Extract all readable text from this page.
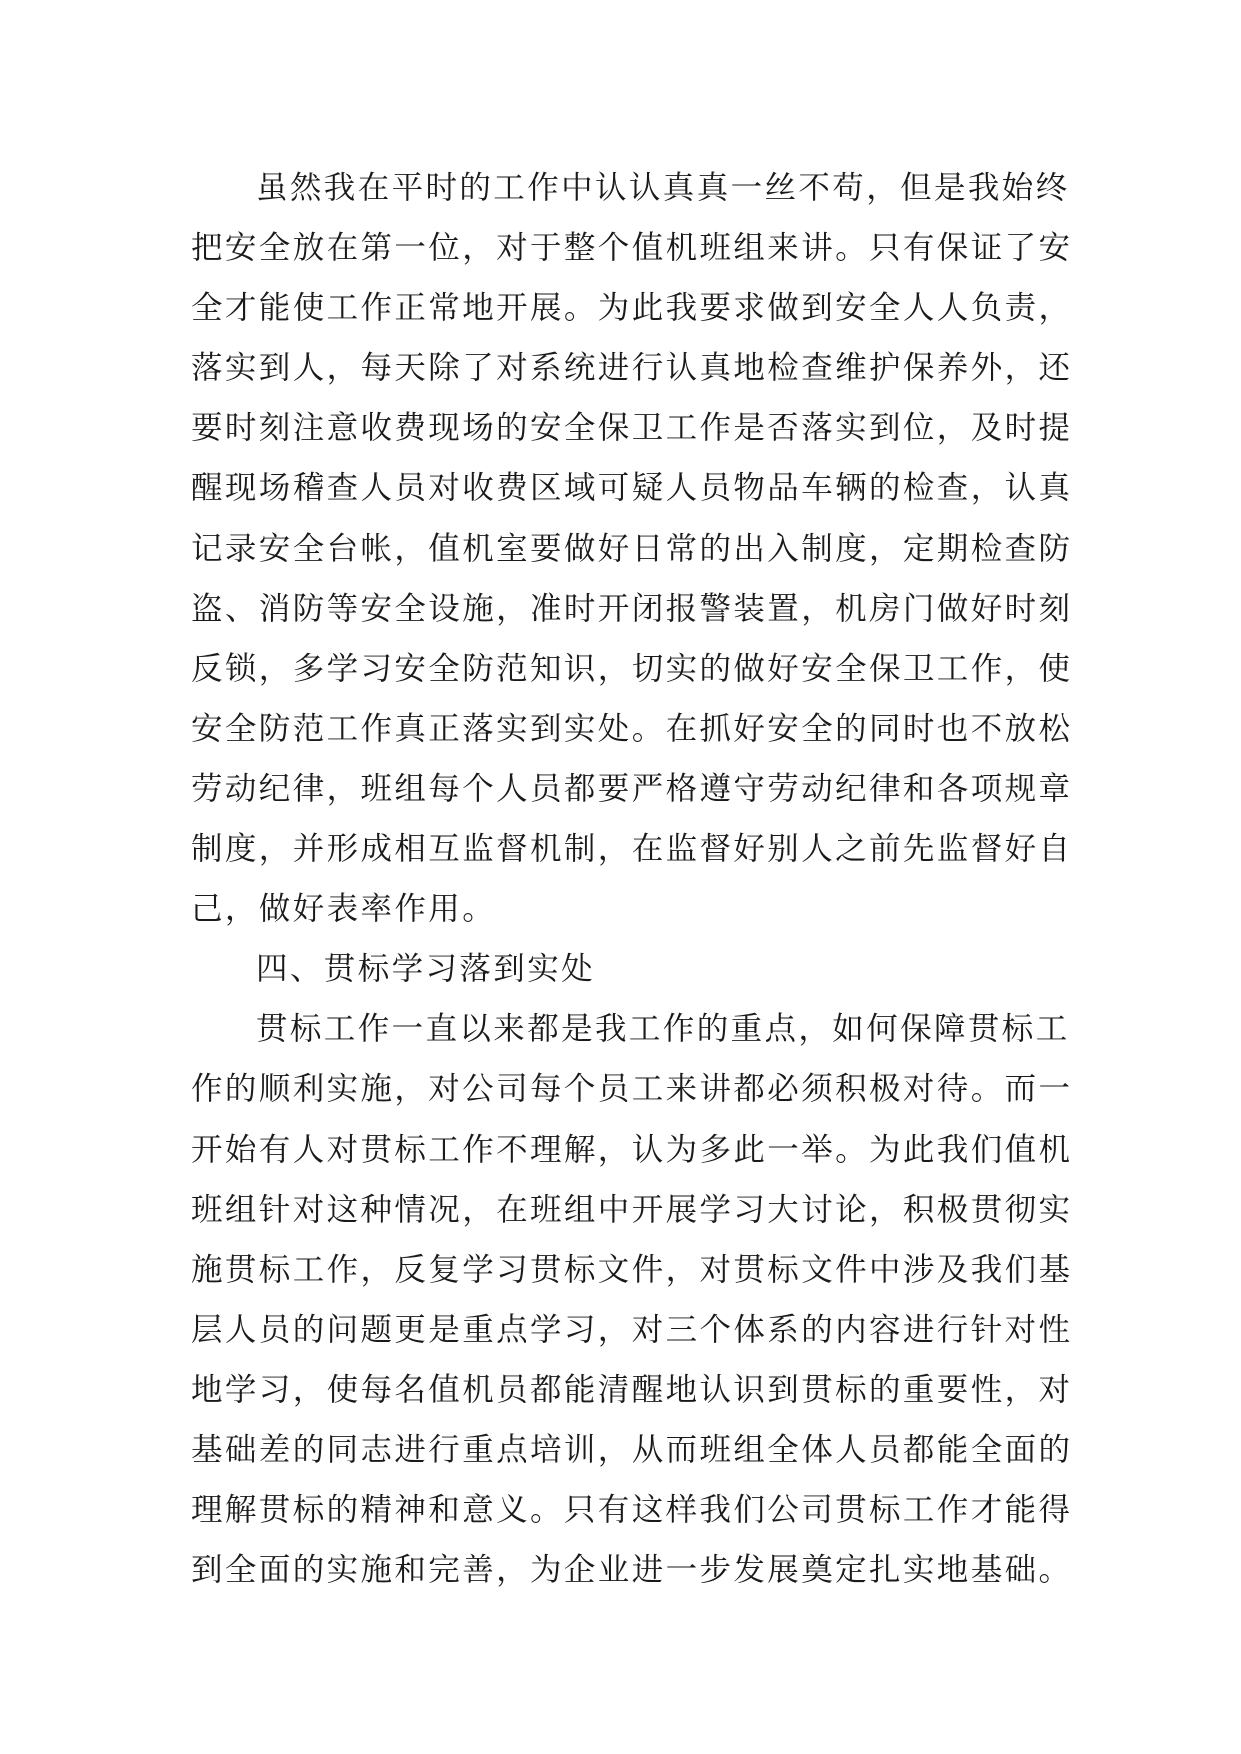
虽然我在平时的工作中认认真真一丝不苟，但是我始终
把安全放在第一位，对于整个值机班组来讲。只有保证了安
全才能使工作正常地开展。为此我要求做到安全人人负责，
落实到人，每天除了对系统进行认真地检查维护保养外，还
要时刻注意收费现场的安全保卫工作是否落实到位，及时提
醒现场稽查人员对收费区域可疑人员物品车辆的检查，认真
记录安全台帐，值机室要做好日常的出入制度，定期检查防
盗、消防等安全设施，准时开闭报警装置，机房门做好时刻
反锁，多学习安全防范知识，切实的做好安全保卫工作，使
安全防范工作真正落实到实处。在抓好安全的同时也不放松
劳动纪律，班组每个人员都要严格遵守劳动纪律和各项规章
制度，并形成相互监督机制，在监督好别人之前先监督好自
己，做好表率作用。
四、贯标学习落到实处
贯标工作一直以来都是我工作的重点，如何保障贯标工
作的顺利实施，对公司每个员工来讲都必须积极对待。而一
开始有人对贯标工作不理解，认为多此一举。为此我们值机
班组针对这种情况，在班组中开展学习大讨论，积极贯彻实
施贯标工作，反复学习贯标文件，对贯标文件中涉及我们基
层人员的问题更是重点学习，对三个体系的内容进行针对性
地学习，使每名值机员都能清醒地认识到贯标的重要性，对
基础差的同志进行重点培训，从而班组全体人员都能全面的
理解贯标的精神和意义。只有这样我们公司贯标工作才能得
到全面的实施和完善，为企业进一步发展奠定扎实地基础。
